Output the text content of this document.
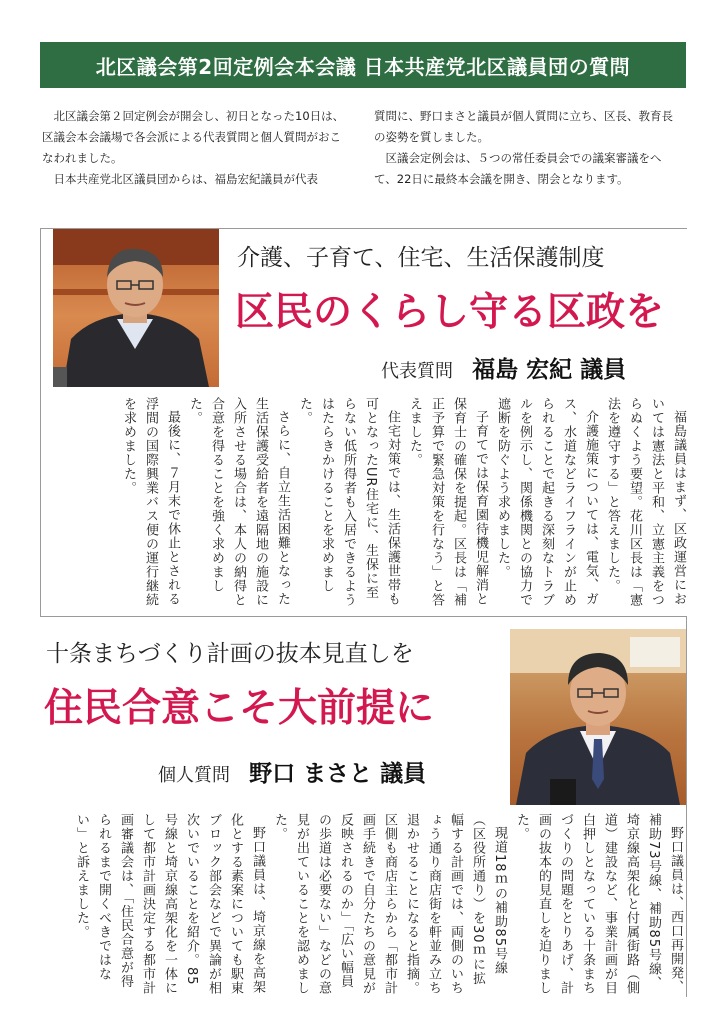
北区議会第2回定例会本会議 日本共産党北区議員団の質問

北区議会第２回定例会が開会し、初日となった10日は、区議会本会議場で各会派による代表質問と個人質問がおこなわれました。

日本共産党北区議員団からは、福島宏紀議員が代表

質問に、野口まさと議員が個人質問に立ち、区長、教育長の姿勢を質しました。

区議会定例会は、５つの常任委員会での議案審議をへて、22日に最終本会議を開き、閉会となります。

介護、子育て、住宅、生活保護制度
区民のくらし守る区政を
代表質問 福島 宏紀 議員

福島議員はまず、区政運営においては憲法と平和、立憲主義をつらぬくよう要望。花川区長は「憲法を遵守する」と答えました。

介護施策については、電気、ガス、水道などライフラインが止められることで起きる深刻なトラブルを例示し、関係機関との協力で遮断を防ぐよう求めました。

子育てでは保育園待機児解消と保育士の確保を提起。区長は「補正予算で緊急対策を行なう」と答えました。

住宅対策では、生活保護世帯も可となったUR住宅に、生保に至らない低所得者も入居できるようはたらきかけることを求めました。

さらに、自立生活困難となった生活保護受給者を遠隔地の施設に入所させる場合は、本人の納得と合意を得ることを強く求めました。

最後に、７月末で休止とされる浮間の国際興業バス便の運行継続を求めました。

十条まちづくり計画の抜本見直しを
住民合意こそ大前提に
個人質問 野口 まさと 議員

野口議員は、西口再開発、補助73号線、補助85号線、埼京線高架化と付属街路（側道）建設など、事業計画が目白押しとなっている十条まちづくりの問題をとりあげ、計画の抜本的見直しを迫りました。

現道18ｍの補助85号線（区役所通り）を30ｍに拡幅する計画では、両側のいちょう通り商店街を軒並み立ち退かせることになると指摘。区側も商店主らから「都市計画手続きで自分たちの意見が反映されるのか」「広い幅員の歩道は必要ない」などの意見が出ていることを認めました。

野口議員は、埼京線を高架化とする素案についても駅東ブロック部会などで異論が相次いでいることを紹介。85号線と埼京線高架化を一体にして都市計画決定する都市計画審議会は、「住民合意が得られるまで開くべきではない」と訴えました。
